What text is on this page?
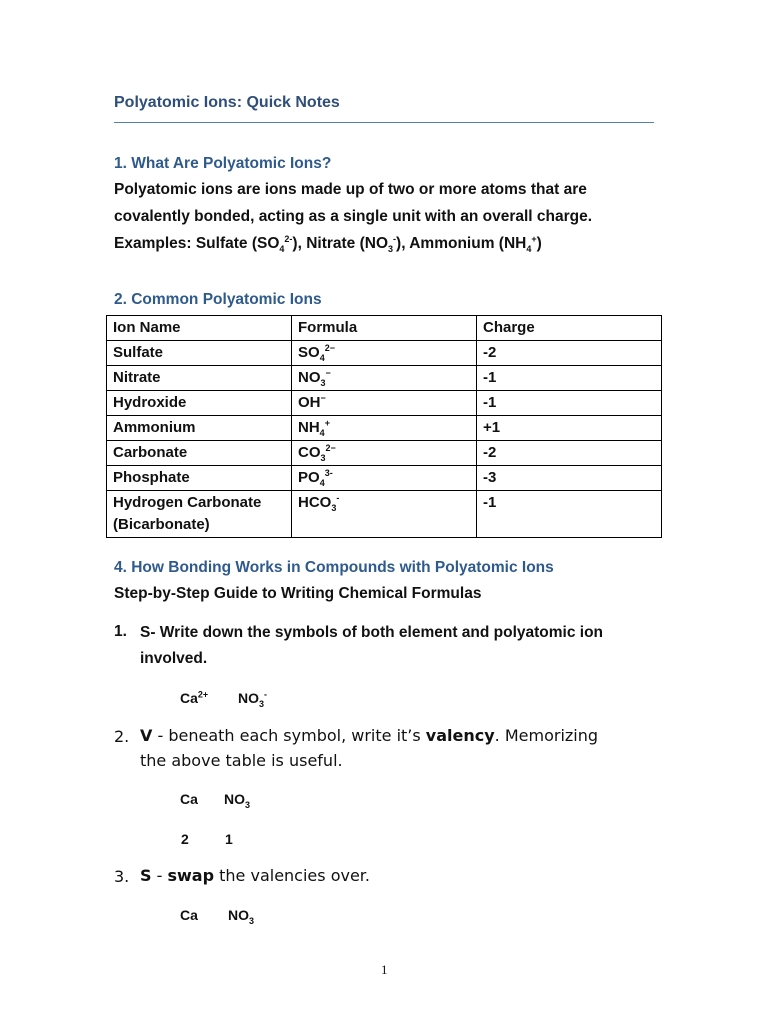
Polyatomic Ions: Quick Notes
1. What Are Polyatomic Ions?
Polyatomic ions are ions made up of two or more atoms that are
covalently bonded, acting as a single unit with an overall charge.
Examples: Sulfate $(SO_4^{2-})$, Nitrate $(NO_3^-)$, Ammonium $(NH_4^+)$
2. Common Polyatomic Ions
Ion Name	Formula	Charge
Sulfate	$SO_4^{2-}$	-2
Nitrate	$NO_3^-$	-1
Hydroxide	OH−	-1
Ammonium	$NH_4^+$	+1
Carbonate	$CO_3^{2-}$	-2
Phosphate	$PO_4^{3-}$	-3
Hydrogen Carbonate (Bicarbonate)	$HCO_3^-$	-1
4. How Bonding Works in Compounds with Polyatomic Ions
Step-by-Step Guide to Writing Chemical Formulas
1. S- Write down the symbols of both element and polyatomic ion
involved.
$Ca^{2+}$ $NO_3^-$
2. V - beneath each symbol, write it’s valency. Memorizing
the above table is useful.
Ca $NO_3$
2	1
3. S - swap the valencies over.
Ca $NO_3$
1
